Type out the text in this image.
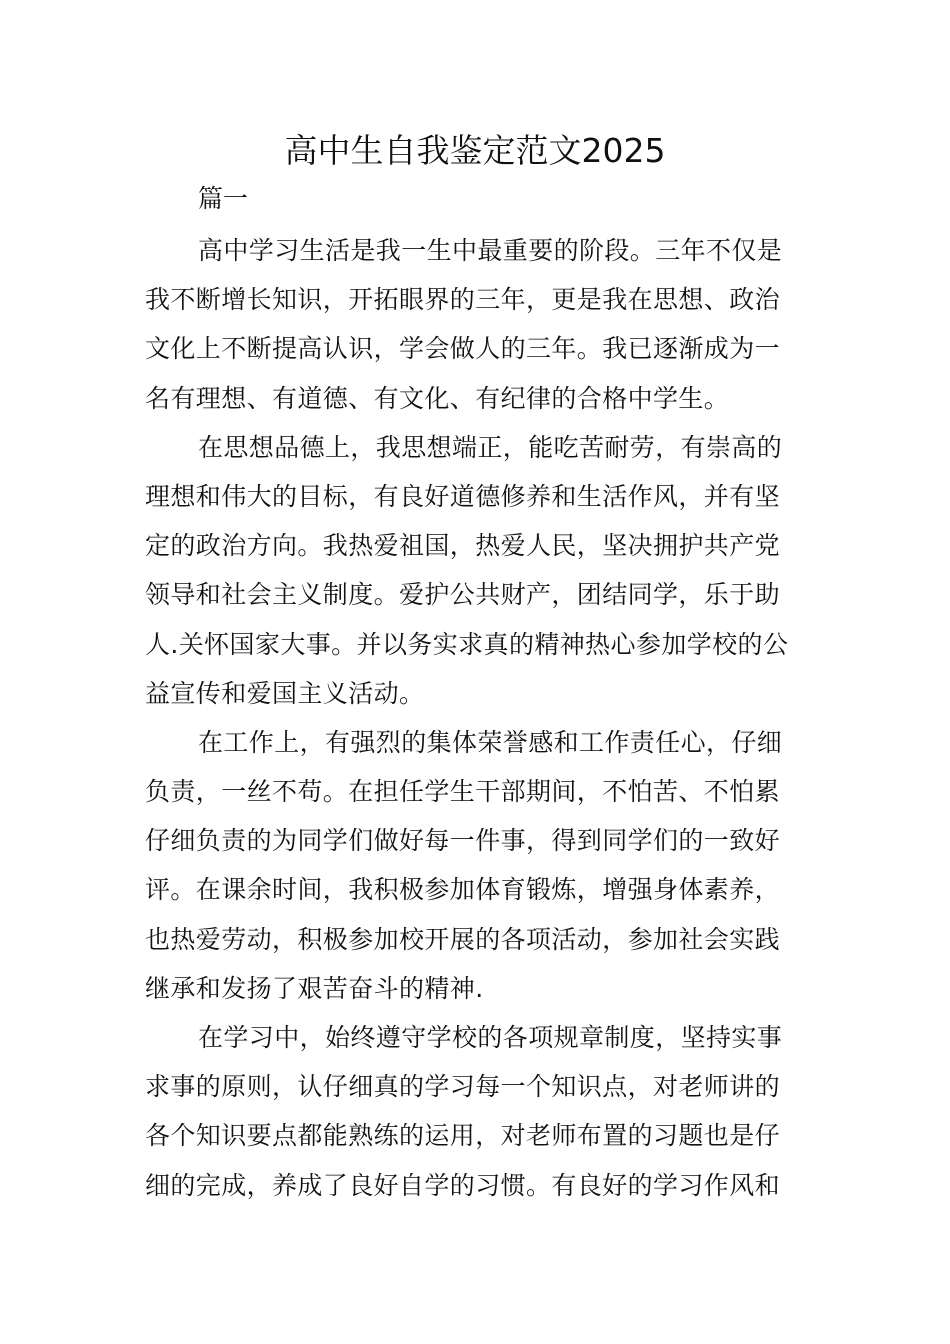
高中生自我鉴定范文2025
篇一
高中学习生活是我一生中最重要的阶段。三年不仅是
我不断增长知识，开拓眼界的三年，更是我在思想、政治
文化上不断提高认识，学会做人的三年。我已逐渐成为一
名有理想、有道德、有文化、有纪律的合格中学生。
在思想品德上，我思想端正，能吃苦耐劳，有崇高的
理想和伟大的目标，有良好道德修养和生活作风，并有坚
定的政治方向。我热爱祖国，热爱人民，坚决拥护共产党
领导和社会主义制度。爱护公共财产，团结同学，乐于助
人.关怀国家大事。并以务实求真的精神热心参加学校的公
益宣传和爱国主义活动。
在工作上，有强烈的集体荣誉感和工作责任心，仔细
负责，一丝不苟。在担任学生干部期间，不怕苦、不怕累
仔细负责的为同学们做好每一件事，得到同学们的一致好
评。在课余时间，我积极参加体育锻炼，增强身体素养，
也热爱劳动，积极参加校开展的各项活动，参加社会实践
继承和发扬了艰苦奋斗的精神.
在学习中，始终遵守学校的各项规章制度，坚持实事
求事的原则，认仔细真的学习每一个知识点，对老师讲的
各个知识要点都能熟练的运用，对老师布置的习题也是仔
细的完成，养成了良好自学的习惯。有良好的学习作风和
